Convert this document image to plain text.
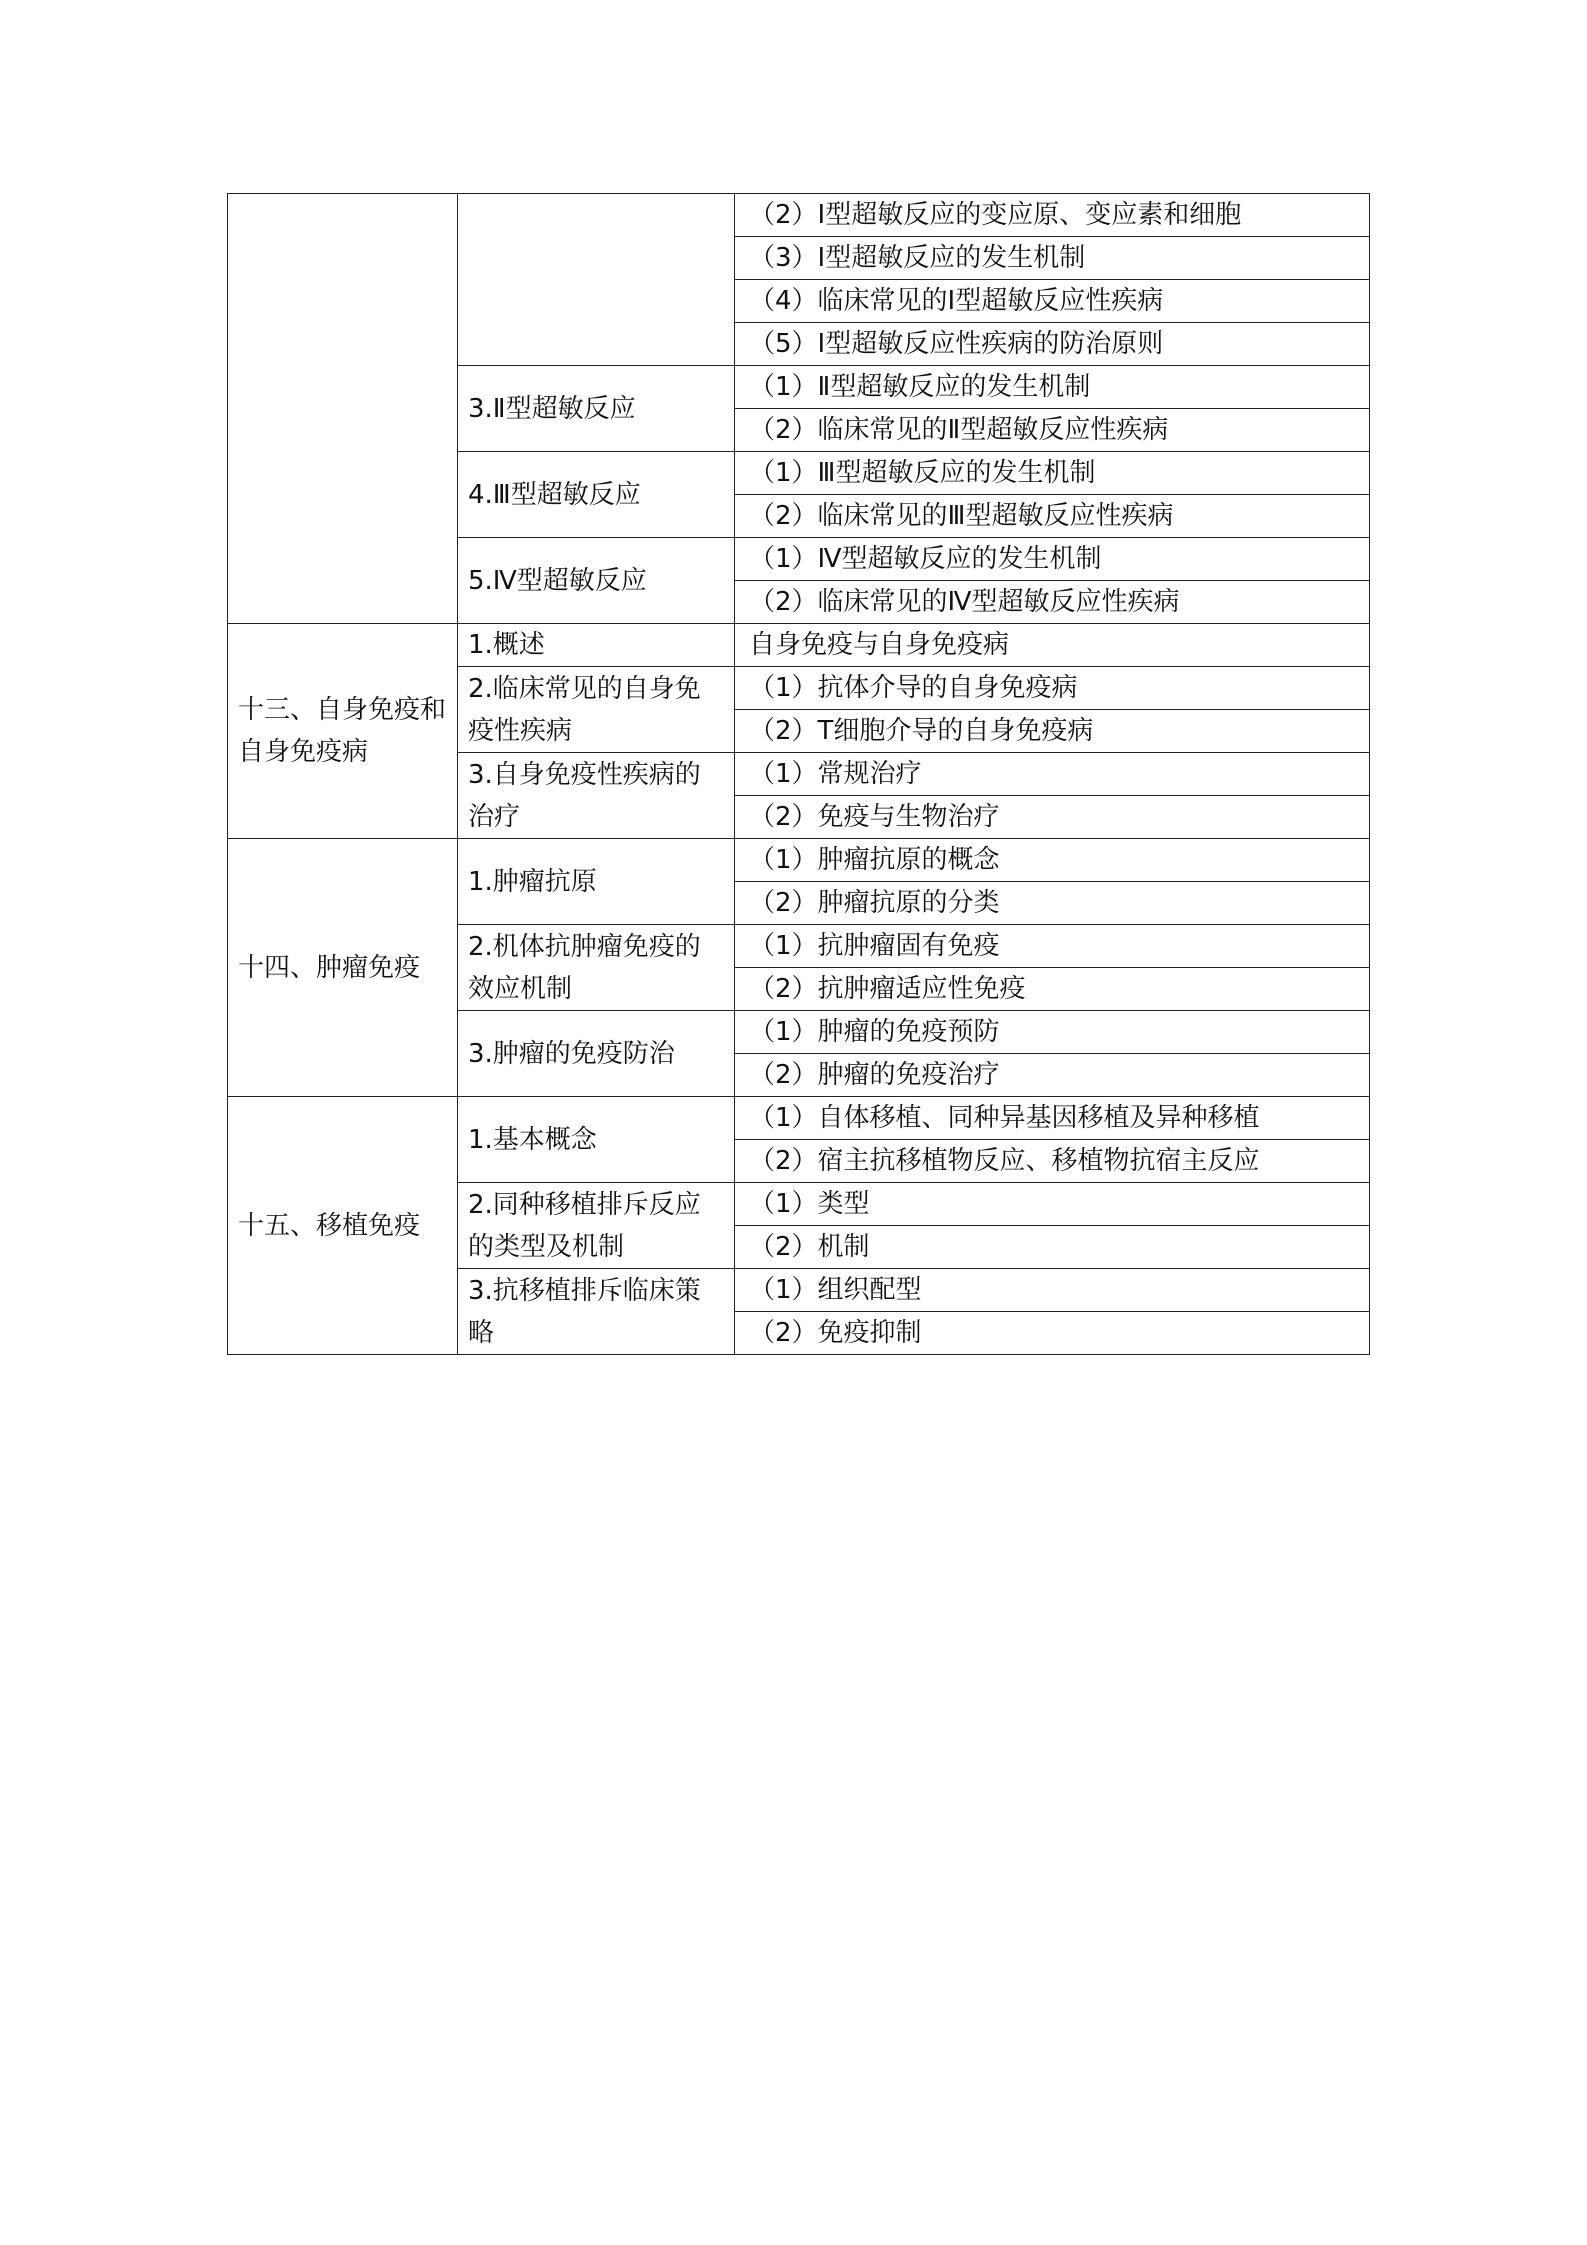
		（2）Ⅰ型超敏反应的变应原、变应素和细胞
		（3）Ⅰ型超敏反应的发生机制
		（4）临床常见的Ⅰ型超敏反应性疾病
		（5）Ⅰ型超敏反应性疾病的防治原则
	3.Ⅱ型超敏反应	（1）Ⅱ型超敏反应的发生机制
		（2）临床常见的Ⅱ型超敏反应性疾病
	4.Ⅲ型超敏反应	（1）Ⅲ型超敏反应的发生机制
		（2）临床常见的Ⅲ型超敏反应性疾病
	5.Ⅳ型超敏反应	（1）Ⅳ型超敏反应的发生机制
		（2）临床常见的Ⅳ型超敏反应性疾病
十三、自身免疫和自身免疫病	1.概述	自身免疫与自身免疫病
	2.临床常见的自身免疫性疾病	（1）抗体介导的自身免疫病
		（2）T细胞介导的自身免疫病
	3.自身免疫性疾病的治疗	（1）常规治疗
		（2）免疫与生物治疗
十四、肿瘤免疫	1.肿瘤抗原	（1）肿瘤抗原的概念
		（2）肿瘤抗原的分类
	2.机体抗肿瘤免疫的效应机制	（1）抗肿瘤固有免疫
		（2）抗肿瘤适应性免疫
	3.肿瘤的免疫防治	（1）肿瘤的免疫预防
		（2）肿瘤的免疫治疗
十五、移植免疫	1.基本概念	（1）自体移植、同种异基因移植及异种移植
		（2）宿主抗移植物反应、移植物抗宿主反应
	2.同种移植排斥反应的类型及机制	（1）类型
		（2）机制
	3.抗移植排斥临床策略	（1）组织配型
		（2）免疫抑制
